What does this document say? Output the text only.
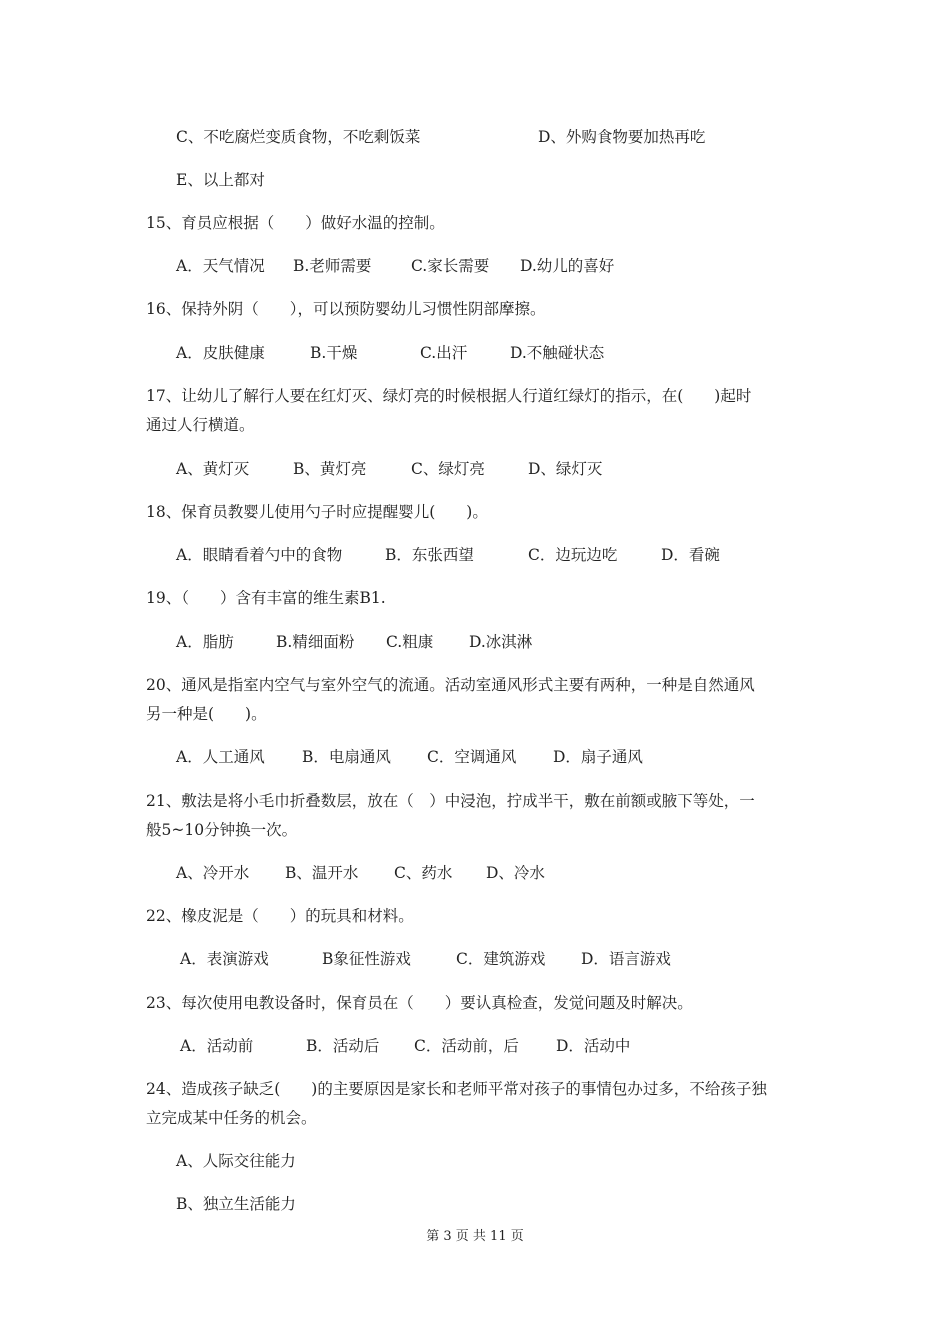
C、不吃腐烂变质食物，不吃剩饭菜	D、外购食物要加热再吃
E、以上都对
15、育员应根据（　　）做好水温的控制。
A．天气情况 B.老师需要	C.家长需要 D.幼儿的喜好
16、保持外阴（　　），可以预防婴幼儿习惯性阴部摩擦。
A．皮肤健康	B.干燥	C.出汗	D.不触碰状态
17、让幼儿了解行人要在红灯灭、绿灯亮的时候根据人行道红绿灯的指示，在(　　)起时
通过人行横道。
A、黄灯灭	B、黄灯亮	C、绿灯亮	D、绿灯灭
18、保育员教婴儿使用勺子时应提醒婴儿(　　)。
A．眼睛看着勺中的食物	B．东张西望	C．边玩边吃	D．看碗
19、（　　）含有丰富的维生素B1.
A．脂肪	B.精细面粉 C.粗康 D.冰淇淋
20、通风是指室内空气与室外空气的流通。活动室通风形式主要有两种，一种是自然通风
另一种是(　　)。
A．人工通风 B．电扇通风 C．空调通风 D．扇子通风
21、敷法是将小毛巾折叠数层，放在（　）中浸泡，拧成半干，敷在前额或腋下等处，一
般5~10分钟换一次。
A、冷开水 B、温开水 C、药水 D、冷水
22、橡皮泥是（　　）的玩具和材料。
A．表演游戏	B象征性游戏	C．建筑游戏 D．语言游戏
23、每次使用电教设备时，保育员在（　　）要认真检查，发觉问题及时解决。
A．活动前	B．活动后 C．活动前，后 D．活动中
24、造成孩子缺乏(　　)的主要原因是家长和老师平常对孩子的事情包办过多，不给孩子独
立完成某中任务的机会。
A、人际交往能力
B、独立生活能力
第 3 页 共 11 页
